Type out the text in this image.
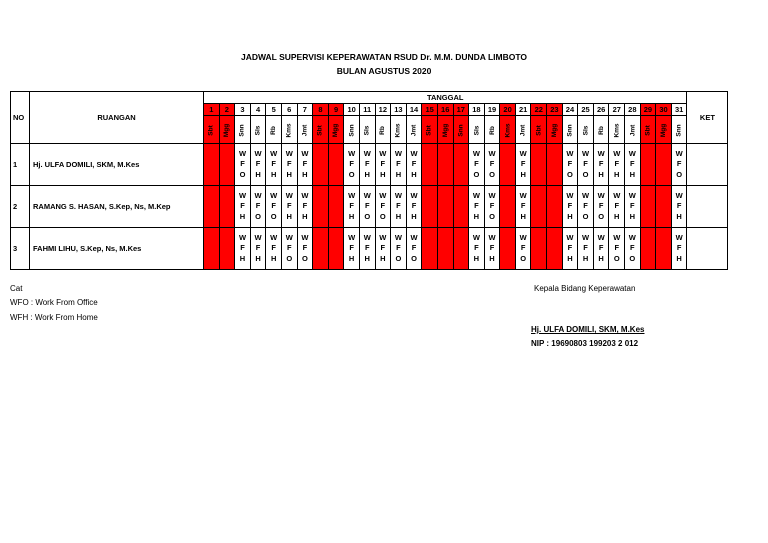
JADWAL SUPERVISI KEPERAWATAN RSUD Dr. M.M. DUNDA LIMBOTO
BULAN AGUSTUS 2020
NO	RUANGAN	TANGGAL																															KET
		1	2	3	4	5	6	7	8	9	10	11	12	13	14	15	16	17	18	19	20	21	22	23	24	25	26	27	28	29	30	31	
		Sbt	Mgg	Snn	Sls	Rb	Kms	Jmt	Sbt	Mgg	Snn	Sls	Rb	Kms	Jmt	Sbt	Mgg	Snn	Sls	Rb	Kms	Jmt	Sbt	Mgg	Snn	Sls	Rb	Kms	Jmt	Sbt	Mgg	Snn	
1	Hj. ULFA DOMILI, SKM, M.Kes			W
F
O	W
F
H	W
F
H	W
F
H	W
F
H			W
F
O	W
F
H	W
F
H	W
F
H	W
F
H				W
F
O	W
F
O		W
F
H			W
F
O	W
F
O	W
F
H	W
F
H	W
F
H			W
F
O	

2	RAMANG S. HASAN, S.Kep, Ns, M.Kep			W
F
H	W
F
O	W
F
O	W
F
H	W
F
H			W
F
H	W
F
O	W
F
O	W
F
H	W
F
H				W
F
H	W
F
O		W
F
H			W
F
H	W
F
O	W
F
O	W
F
H	W
F
H			W
F
H	

3	FAHMI LIHU, S.Kep, Ns, M.Kes			W
F
H	W
F
H	W
F
H	W
F
O	W
F
O			W
F
H	W
F
H	W
F
H	W
F
O	W
F
O				W
F
H	W
F
H		W
F
O			W
F
H	W
F
H	W
F
H	W
F
O	W
F
O			W
F
H	

Cat
WFO : Work From Office
WFH : Work From Home
Kepala Bidang Keperawatan
Hj. ULFA DOMILI, SKM, M.Kes
NIP : 19690803 199203 2 012
